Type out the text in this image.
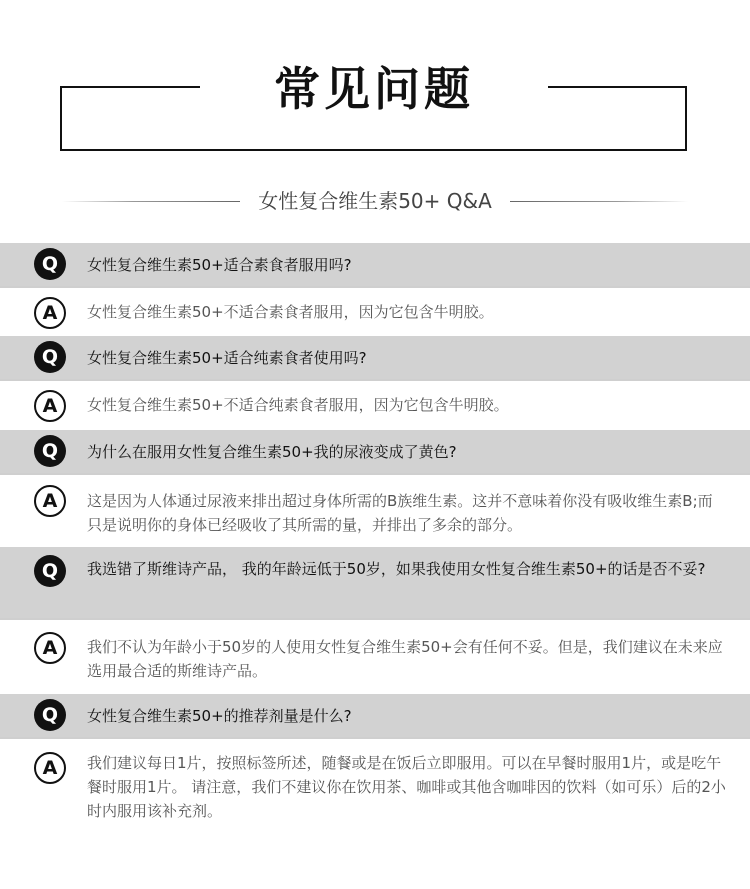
常见问题
女性复合维生素50+ Q&A
Q	女性复合维生素50+适合素食者服用吗?
A	女性复合维生素50+不适合素食者服用，因为它包含牛明胶。
Q	女性复合维生素50+适合纯素食者使用吗?
A	女性复合维生素50+不适合纯素食者服用，因为它包含牛明胶。
Q	为什么在服用女性复合维生素50+我的尿液变成了黄色?
A	这是因为人体通过尿液来排出超过身体所需的B族维生素。这并不意味着你没有吸收维生素B;而只是说明你的身体已经吸收了其所需的量，并排出了多余的部分。
Q	我选错了斯维诗产品， 我的年龄远低于50岁，如果我使用女性复合维生素50+的话是否不妥?
A	我们不认为年龄小于50岁的人使用女性复合维生素50+会有任何不妥。但是，我们建议在未来应选用最合适的斯维诗产品。
Q	女性复合维生素50+的推荐剂量是什么?
A	我们建议每日1片，按照标签所述，随餐或是在饭后立即服用。可以在早餐时服用1片，或是吃午餐时服用1片。 请注意，我们不建议你在饮用茶、咖啡或其他含咖啡因的饮料（如可乐）后的2小时内服用该补充剂。
